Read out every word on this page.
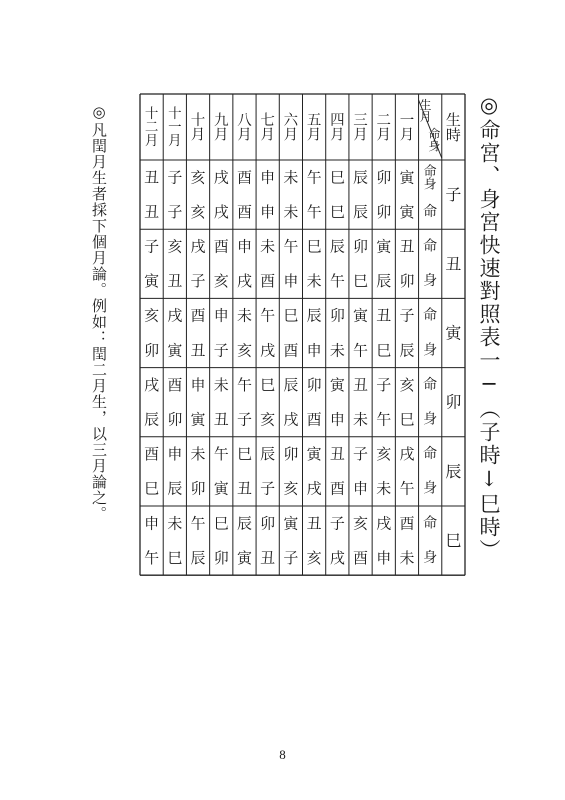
◎命宮、身宮快速對照表一─（子時↓巳時）
一月
二月
三月
四月
五月
六月
七月
八月
九月
十月
十一月
十二月
生月
命身
生時
子
命身
命
寅
寅
卯
卯
辰
辰
巳
巳
午
午
未
未
申
申
酉
酉
戌
戌
亥
亥
子
子
丑
丑
丑
命
身
丑
卯
寅
辰
卯
巳
辰
午
巳
未
午
申
未
酉
申
戌
酉
亥
戌
子
亥
丑
子
寅
寅
命
身
子
辰
丑
巳
寅
午
卯
未
辰
申
巳
酉
午
戌
未
亥
申
子
酉
丑
戌
寅
亥
卯
卯
命
身
亥
巳
子
午
丑
未
寅
申
卯
酉
辰
戌
巳
亥
午
子
未
丑
申
寅
酉
卯
戌
辰
辰
命
身
戌
午
亥
未
子
申
丑
酉
寅
戌
卯
亥
辰
子
巳
丑
午
寅
未
卯
申
辰
酉
巳
巳
命
身
酉
未
戌
申
亥
酉
子
戌
丑
亥
寅
子
卯
丑
辰
寅
巳
卯
午
辰
未
巳
申
午
◎凡閏月生者採下個月論。例如：閏二月生，以三月論之。
8
